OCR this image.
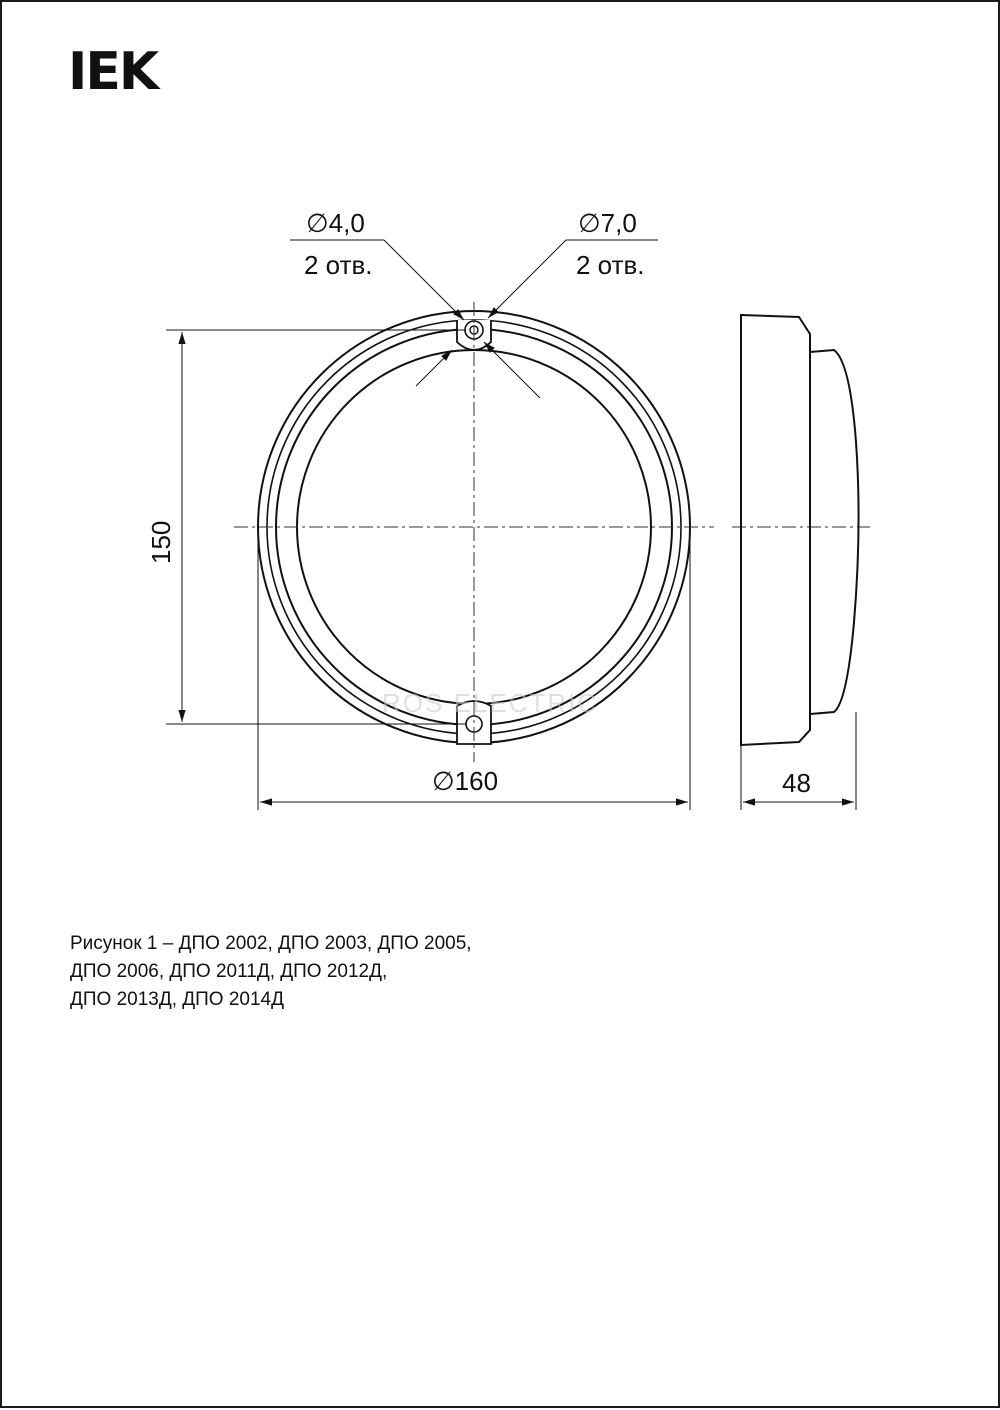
IEK
∅4,0
2 отв.
∅7,0
2 отв.
150
∅160	48
ROS ELECTRIC
Рисунок 1 – ДПО 2002, ДПО 2003, ДПО 2005,
ДПО 2006, ДПО 2011Д, ДПО 2012Д,
ДПО 2013Д, ДПО 2014Д
